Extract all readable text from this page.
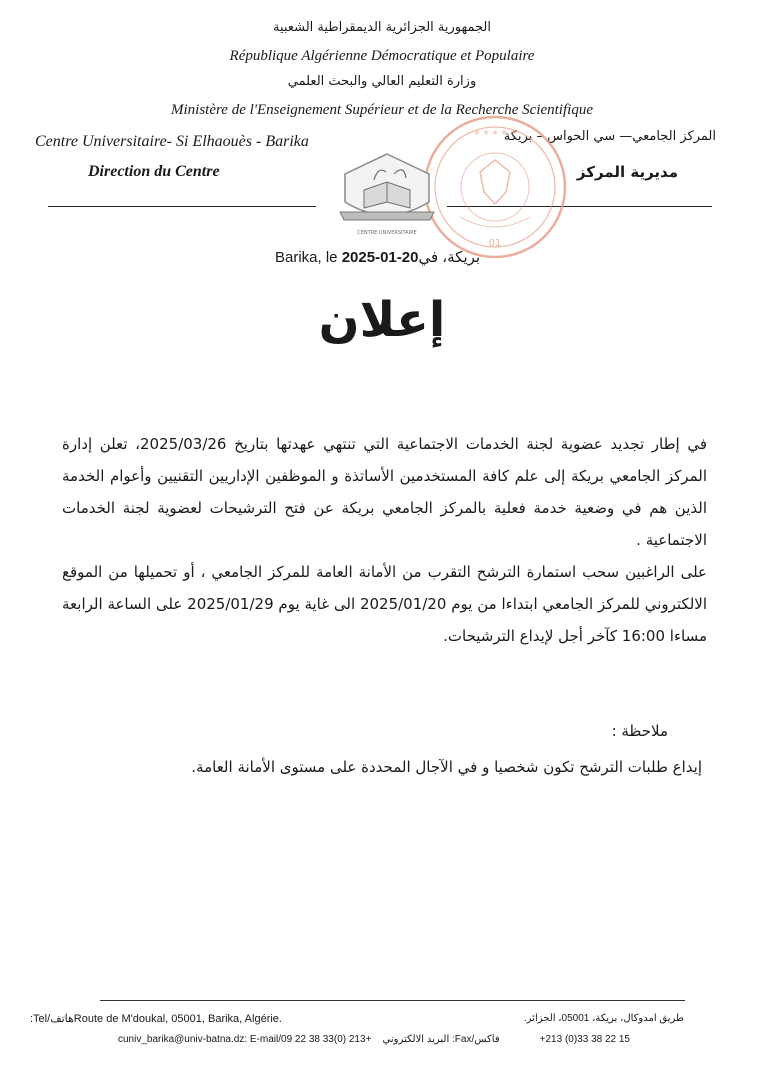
الجمهورية الجزائرية الديمقراطية الشعبية
République Algérienne Démocratique et Populaire
وزارة التعليم العالي والبحث العلمي
Ministère de l'Enseignement Supérieur et de la Recherche Scientifique
Centre Universitaire- Si Elhaouès - Barika	المركز الجامعي— سي الحواس – بريكة
Direction du Centre	مديرية المركز
* * * * *
01
CENTRE UNIVERSITAIRE
Barika, le 2025-01-20بريكة، في
إعلان

في إطار تجديد عضوية لجنة الخدمات الاجتماعية التي تنتهي عهدتها بتاريخ 2025/03/26، تعلن إدارة المركز الجامعي بريكة إلى علم كافة المستخدمين الأساتذة و الموظفين الإداريين التقنيين وأعوام الخدمة الذين هم في وضعية خدمة فعلية بالمركز الجامعي بريكة عن فتح الترشيحات لعضوية لجنة الخدمات الاجتماعية .

على الراغبين سحب استمارة الترشح التقرب من الأمانة العامة للمركز الجامعي ، أو تحميلها من الموقع الالكتروني للمركز الجامعي ابتداءا من يوم 2025/01/20 الى غاية يوم 2025/01/29 على الساعة الرابعة مساءا 16:00 كآخر أجل لإيداع الترشيحات.

ملاحظة :
إيداع طلبات الترشح تكون شخصيا و في الآجال المحددة على مستوى الأمانة العامة.
:Tel/هاتفRoute de M'doukal, 05001, Barika, Algérie.	طريق امدوكال، بريكة، 05001، الجزائر.
cuniv_barika@univ-batna.dz: E-mail/البريد الالكتروني    +213 (0)33 38 22 09 :Fax/فاكس	+213 (0)33 38 22 15
